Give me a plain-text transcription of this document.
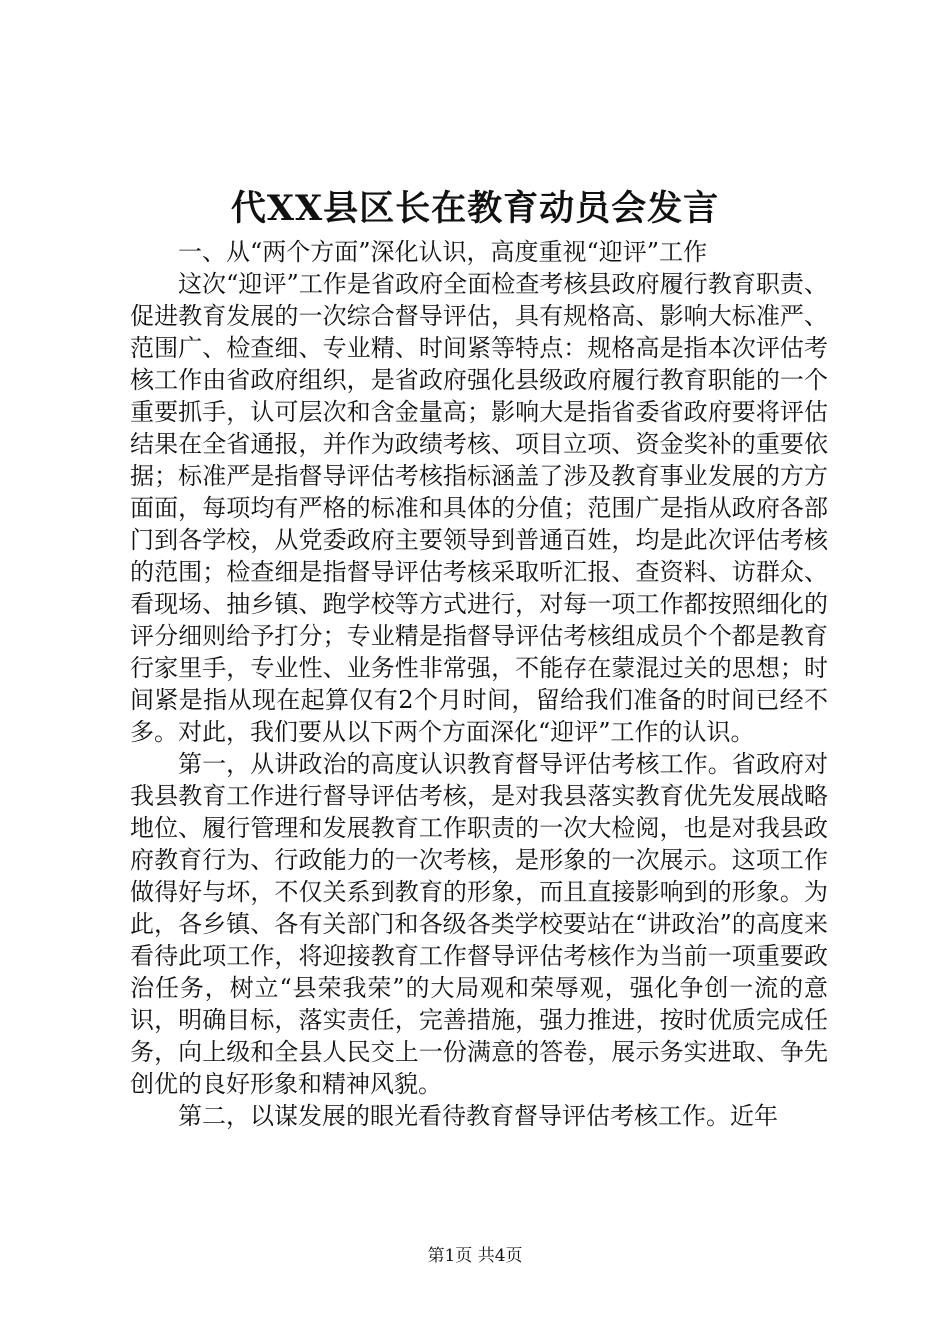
代XX县区长在教育动员会发言

一、从“两个方面”深化认识，高度重视“迎评”工作

这次“迎评”工作是省政府全面检查考核县政府履行教育职责、促进教育发展的一次综合督导评估，具有规格高、影响大标准严、范围广、检查细、专业精、时间紧等特点：规格高是指本次评估考核工作由省政府组织，是省政府强化县级政府履行教育职能的一个重要抓手，认可层次和含金量高；影响大是指省委省政府要将评估结果在全省通报，并作为政绩考核、项目立项、资金奖补的重要依据；标准严是指督导评估考核指标涵盖了涉及教育事业发展的方方面面，每项均有严格的标准和具体的分值；范围广是指从政府各部门到各学校，从党委政府主要领导到普通百姓，均是此次评估考核的范围；检查细是指督导评估考核采取听汇报、查资料、访群众、看现场、抽乡镇、跑学校等方式进行，对每一项工作都按照细化的评分细则给予打分；专业精是指督导评估考核组成员个个都是教育行家里手，专业性、业务性非常强，不能存在蒙混过关的思想；时间紧是指从现在起算仅有2个月时间，留给我们准备的时间已经不多。对此，我们要从以下两个方面深化“迎评”工作的认识。

第一，从讲政治的高度认识教育督导评估考核工作。省政府对我县教育工作进行督导评估考核，是对我县落实教育优先发展战略地位、履行管理和发展教育工作职责的一次大检阅，也是对我县政府教育行为、行政能力的一次考核，是形象的一次展示。这项工作做得好与坏，不仅关系到教育的形象，而且直接影响到的形象。为此，各乡镇、各有关部门和各级各类学校要站在“讲政治”的高度来看待此项工作，将迎接教育工作督导评估考核作为当前一项重要政治任务，树立“县荣我荣”的大局观和荣辱观，强化争创一流的意识，明确目标，落实责任，完善措施，强力推进，按时优质完成任务，向上级和全县人民交上一份满意的答卷，展示务实进取、争先创优的良好形象和精神风貌。

第二，以谋发展的眼光看待教育督导评估考核工作。近年

第1页 共4页
